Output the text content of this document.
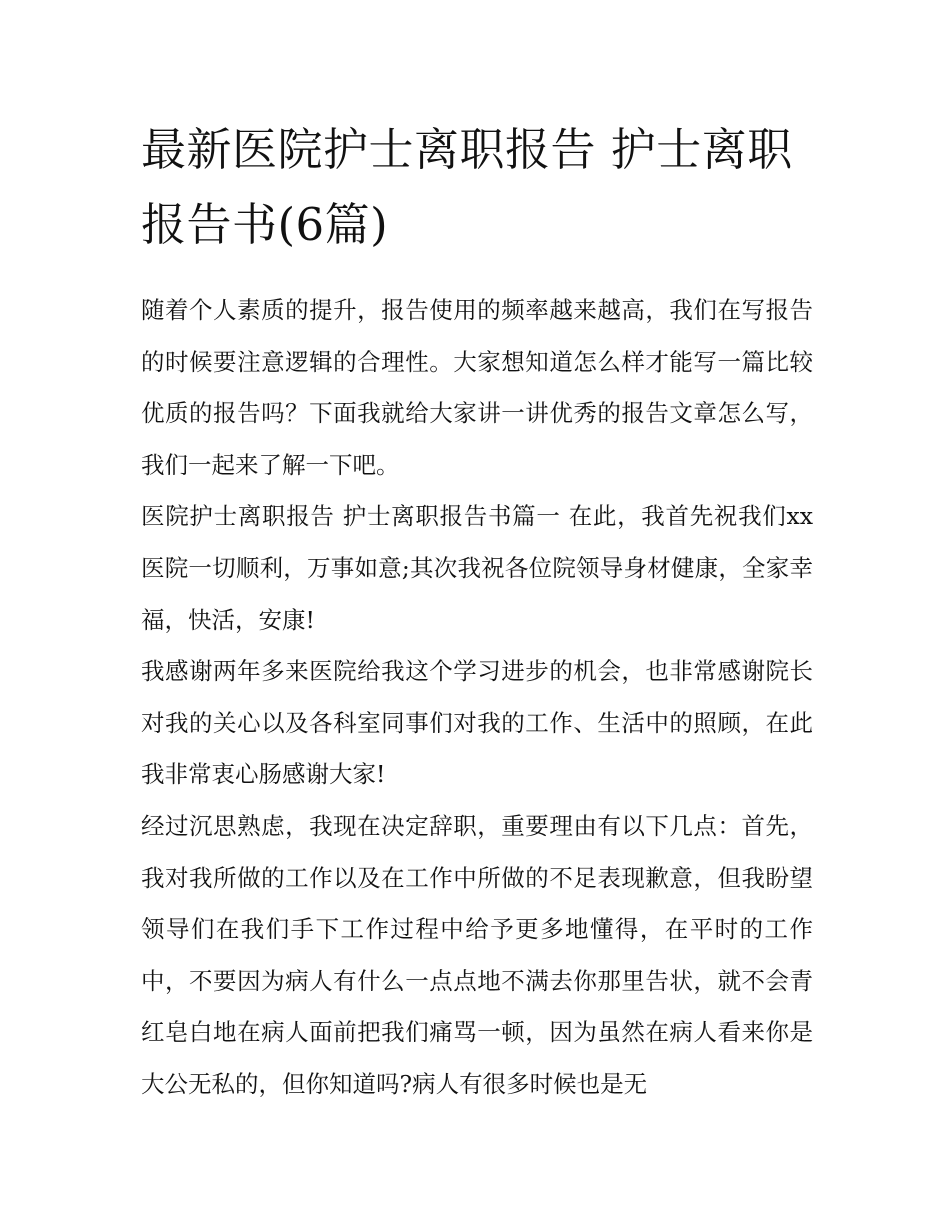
最新医院护士离职报告 护士离职报告书(6篇)

随着个人素质的提升，报告使用的频率越来越高，我们在写报告的时候要注意逻辑的合理性。大家想知道怎么样才能写一篇比较优质的报告吗？下面我就给大家讲一讲优秀的报告文章怎么写，我们一起来了解一下吧。

医院护士离职报告 护士离职报告书篇一 在此，我首先祝我们xx医院一切顺利，万事如意;其次我祝各位院领导身材健康，全家幸福，快活，安康!

我感谢两年多来医院给我这个学习进步的机会，也非常感谢院长对我的关心以及各科室同事们对我的工作、生活中的照顾，在此我非常衷心肠感谢大家!

经过沉思熟虑，我现在决定辞职，重要理由有以下几点：首先，我对我所做的工作以及在工作中所做的不足表现歉意，但我盼望领导们在我们手下工作过程中给予更多地懂得，在平时的工作中，不要因为病人有什么一点点地不满去你那里告状，就不会青红皂白地在病人面前把我们痛骂一顿，因为虽然在病人看来你是大公无私的，但你知道吗?病人有很多时候也是无
